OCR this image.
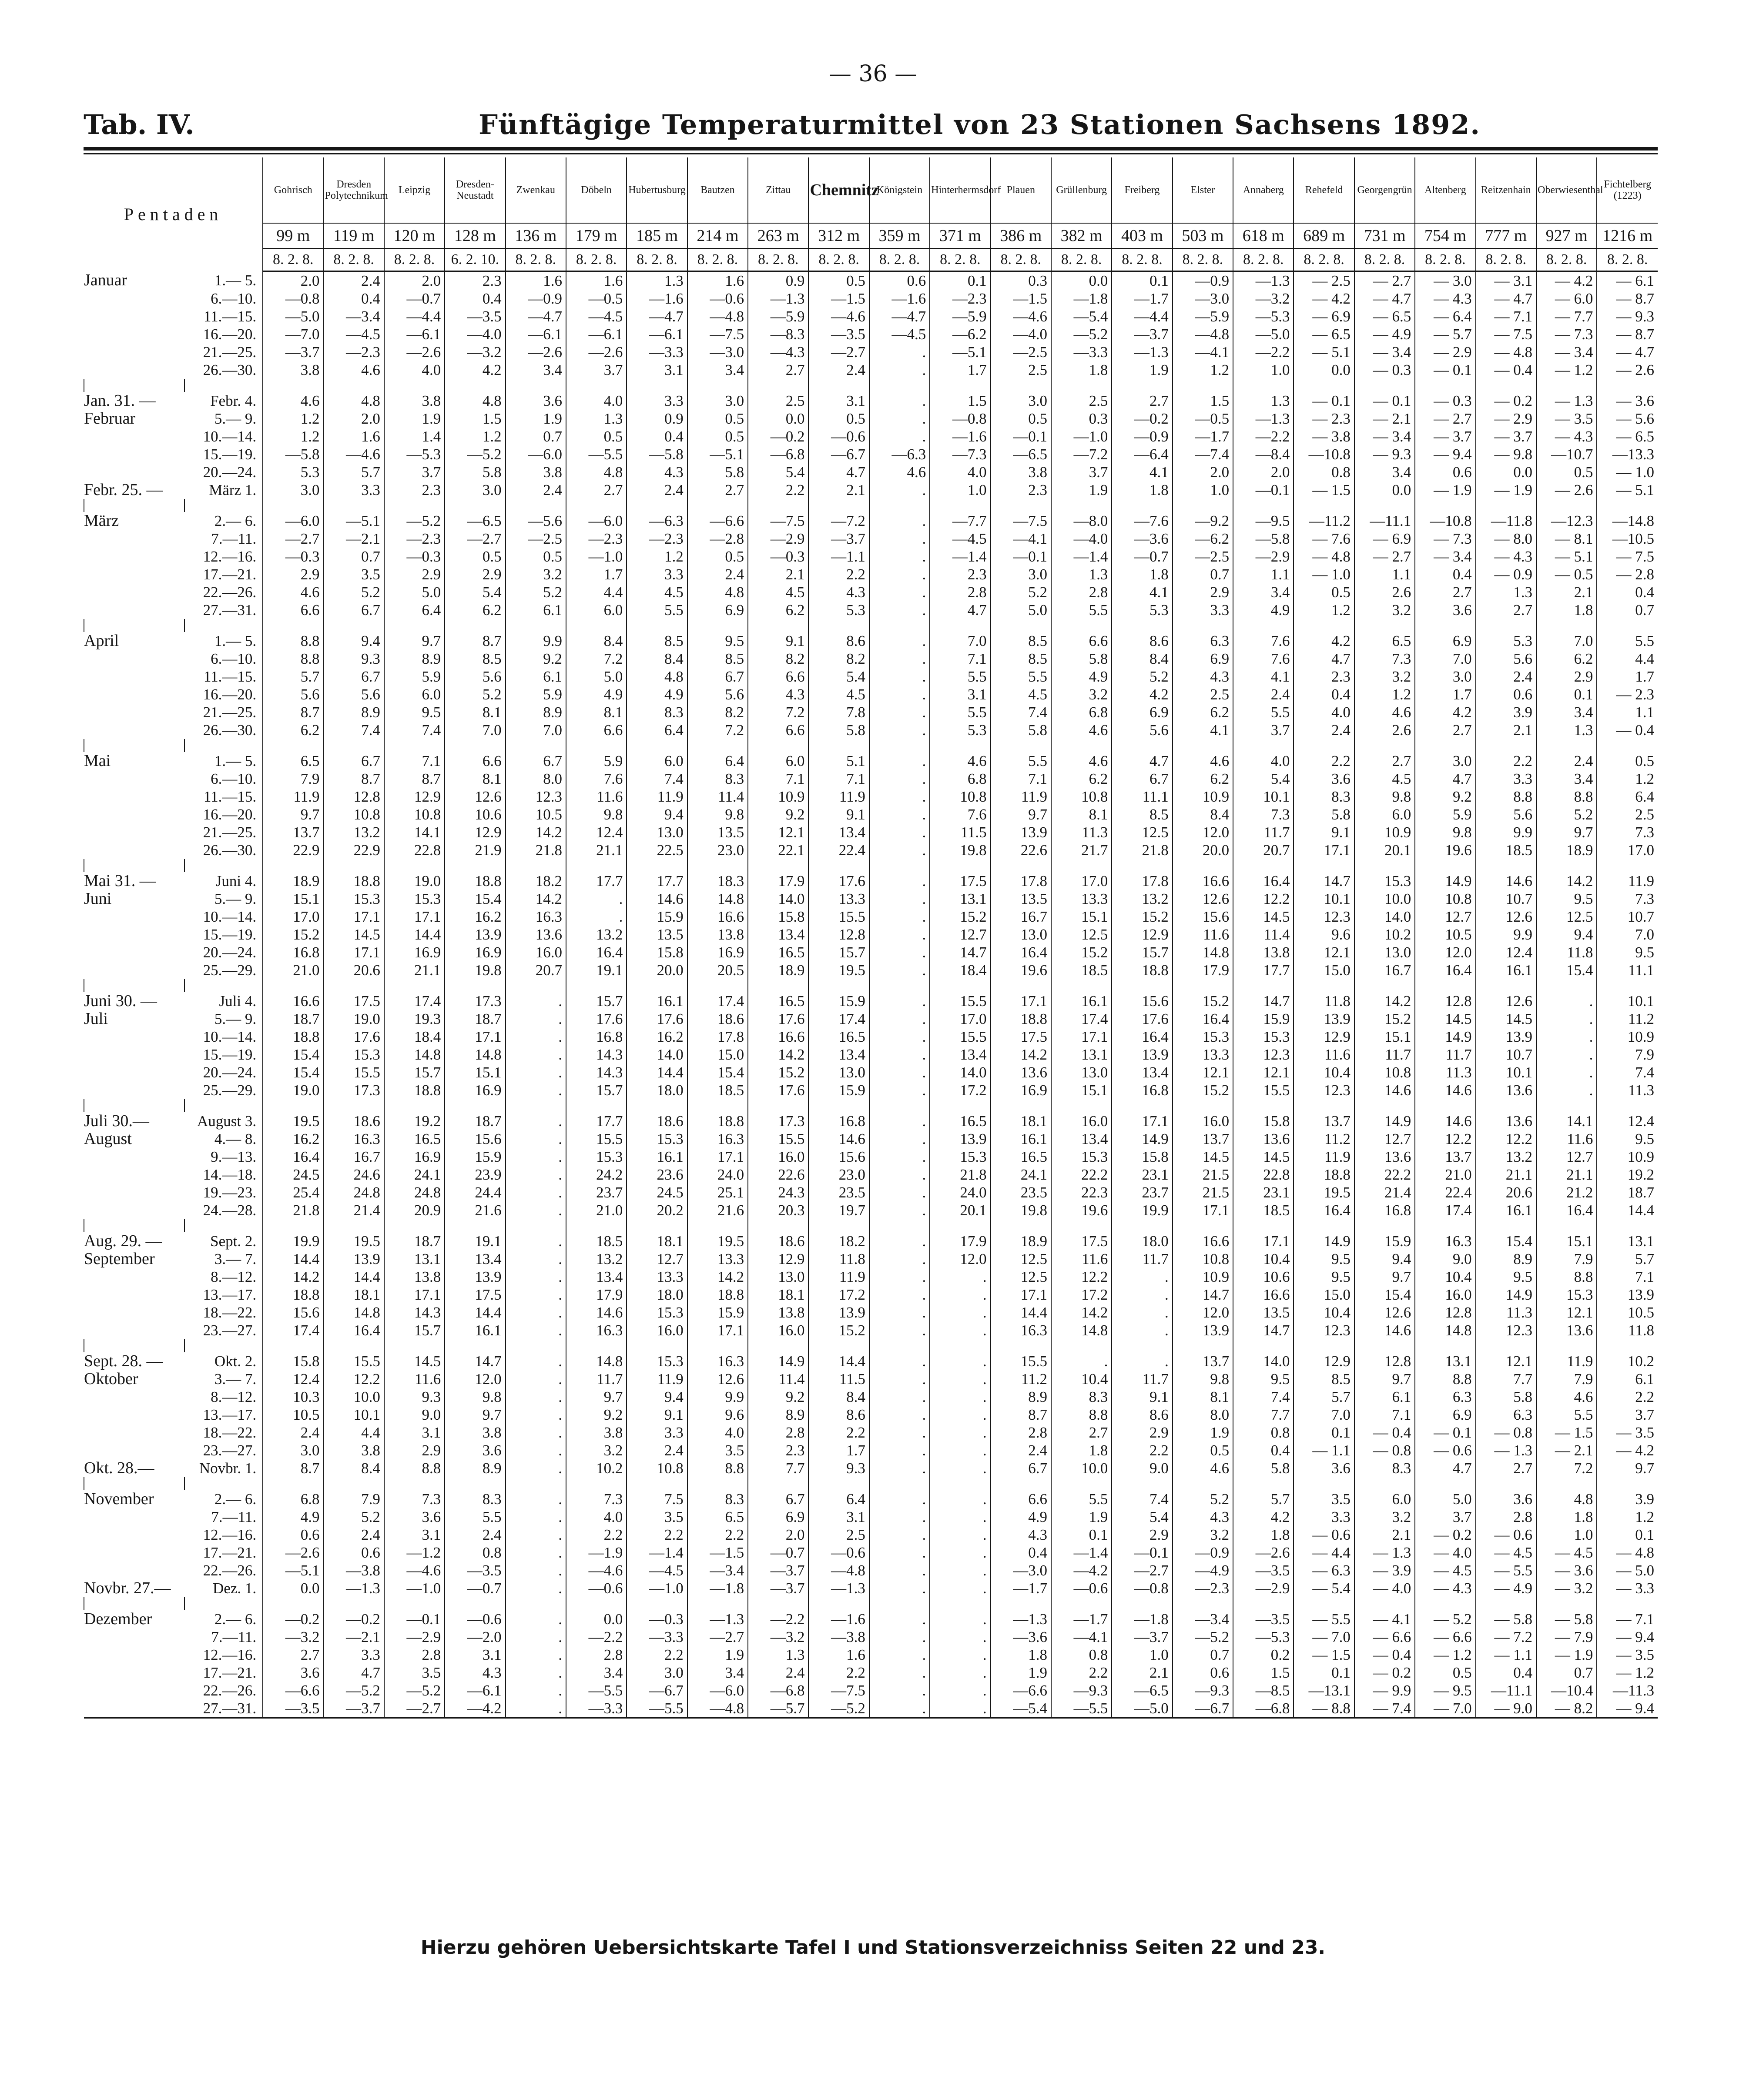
— 36 —
Tab. IV.	Fünftägige Temperaturmittel von 23 Stationen Sachsens 1892.
Pentaden		Gohrisch	Dresden Polytechnikum	Leipzig	Dresden-Neustadt	Zwenkau	Döbeln	Hubertusburg	Bautzen	Zittau	Chemnitz	Königstein	Hinterhermsdorf	Plauen	Grüllenburg	Freiberg	Elster	Annaberg	Rehefeld	Georgengrün	Altenberg	Reitzenhain	Oberwiesenthal	Fichtelberg (1223)
		99 m	119 m	120 m	128 m	136 m	179 m	185 m	214 m	263 m	312 m	359 m	371 m	386 m	382 m	403 m	503 m	618 m	689 m	731 m	754 m	777 m	927 m	1216 m
		8. 2. 8.	8. 2. 8.	8. 2. 8.	6. 2. 10.	8. 2. 8.	8. 2. 8.	8. 2. 8.	8. 2. 8.	8. 2. 8.	8. 2. 8.	8. 2. 8.	8. 2. 8.	8. 2. 8.	8. 2. 8.	8. 2. 8.	8. 2. 8.	8. 2. 8.	8. 2. 8.	8. 2. 8.	8. 2. 8.	8. 2. 8.	8. 2. 8.	8. 2. 8.
Januar	1.— 5.	2.0	2.4	2.0	2.3	1.6	1.6	1.3	1.6	0.9	0.5	0.6	0.1	0.3	0.0	0.1	—0.9	—1.3	— 2.5	— 2.7	— 3.0	— 3.1	— 4.2	— 6.1
	6.—10.	—0.8	0.4	—0.7	0.4	—0.9	—0.5	—1.6	—0.6	—1.3	—1.5	—1.6	—2.3	—1.5	—1.8	—1.7	—3.0	—3.2	— 4.2	— 4.7	— 4.3	— 4.7	— 6.0	— 8.7
	11.—15.	—5.0	—3.4	—4.4	—3.5	—4.7	—4.5	—4.7	—4.8	—5.9	—4.6	—4.7	—5.9	—4.6	—5.4	—4.4	—5.9	—5.3	— 6.9	— 6.5	— 6.4	— 7.1	— 7.7	— 9.3
	16.—20.	—7.0	—4.5	—6.1	—4.0	—6.1	—6.1	—6.1	—7.5	—8.3	—3.5	—4.5	—6.2	—4.0	—5.2	—3.7	—4.8	—5.0	— 6.5	— 4.9	— 5.7	— 7.5	— 7.3	— 8.7
	21.—25.	—3.7	—2.3	—2.6	—3.2	—2.6	—2.6	—3.3	—3.0	—4.3	—2.7	.	—5.1	—2.5	—3.3	—1.3	—4.1	—2.2	— 5.1	— 3.4	— 2.9	— 4.8	— 3.4	— 4.7
	26.—30.	3.8	4.6	4.0	4.2	3.4	3.7	3.1	3.4	2.7	2.4	.	1.7	2.5	1.8	1.9	1.2	1.0	0.0	— 0.3	— 0.1	— 0.4	— 1.2	— 2.6

Jan. 31. —	Febr. 4.	4.6	4.8	3.8	4.8	3.6	4.0	3.3	3.0	2.5	3.1	.	1.5	3.0	2.5	2.7	1.5	1.3	— 0.1	— 0.1	— 0.3	— 0.2	— 1.3	— 3.6
Februar	5.— 9.	1.2	2.0	1.9	1.5	1.9	1.3	0.9	0.5	0.0	0.5	.	—0.8	0.5	0.3	—0.2	—0.5	—1.3	— 2.3	— 2.1	— 2.7	— 2.9	— 3.5	— 5.6
	10.—14.	1.2	1.6	1.4	1.2	0.7	0.5	0.4	0.5	—0.2	—0.6	.	—1.6	—0.1	—1.0	—0.9	—1.7	—2.2	— 3.8	— 3.4	— 3.7	— 3.7	— 4.3	— 6.5
	15.—19.	—5.8	—4.6	—5.3	—5.2	—6.0	—5.5	—5.8	—5.1	—6.8	—6.7	—6.3	—7.3	—6.5	—7.2	—6.4	—7.4	—8.4	—10.8	— 9.3	— 9.4	— 9.8	—10.7	—13.3
	20.—24.	5.3	5.7	3.7	5.8	3.8	4.8	4.3	5.8	5.4	4.7	4.6	4.0	3.8	3.7	4.1	2.0	2.0	0.8	3.4	0.6	0.0	0.5	— 1.0
Febr. 25. —	März 1.	3.0	3.3	2.3	3.0	2.4	2.7	2.4	2.7	2.2	2.1	.	1.0	2.3	1.9	1.8	1.0	—0.1	— 1.5	0.0	— 1.9	— 1.9	— 2.6	— 5.1

März	2.— 6.	—6.0	—5.1	—5.2	—6.5	—5.6	—6.0	—6.3	—6.6	—7.5	—7.2	.	—7.7	—7.5	—8.0	—7.6	—9.2	—9.5	—11.2	—11.1	—10.8	—11.8	—12.3	—14.8
	7.—11.	—2.7	—2.1	—2.3	—2.7	—2.5	—2.3	—2.3	—2.8	—2.9	—3.7	.	—4.5	—4.1	—4.0	—3.6	—6.2	—5.8	— 7.6	— 6.9	— 7.3	— 8.0	— 8.1	—10.5
	12.—16.	—0.3	0.7	—0.3	0.5	0.5	—1.0	1.2	0.5	—0.3	—1.1	.	—1.4	—0.1	—1.4	—0.7	—2.5	—2.9	— 4.8	— 2.7	— 3.4	— 4.3	— 5.1	— 7.5
	17.—21.	2.9	3.5	2.9	2.9	3.2	1.7	3.3	2.4	2.1	2.2	.	2.3	3.0	1.3	1.8	0.7	1.1	— 1.0	1.1	0.4	— 0.9	— 0.5	— 2.8
	22.—26.	4.6	5.2	5.0	5.4	5.2	4.4	4.5	4.8	4.5	4.3	.	2.8	5.2	2.8	4.1	2.9	3.4	0.5	2.6	2.7	1.3	2.1	0.4
	27.—31.	6.6	6.7	6.4	6.2	6.1	6.0	5.5	6.9	6.2	5.3	.	4.7	5.0	5.5	5.3	3.3	4.9	1.2	3.2	3.6	2.7	1.8	0.7

April	1.— 5.	8.8	9.4	9.7	8.7	9.9	8.4	8.5	9.5	9.1	8.6	.	7.0	8.5	6.6	8.6	6.3	7.6	4.2	6.5	6.9	5.3	7.0	5.5
	6.—10.	8.8	9.3	8.9	8.5	9.2	7.2	8.4	8.5	8.2	8.2	.	7.1	8.5	5.8	8.4	6.9	7.6	4.7	7.3	7.0	5.6	6.2	4.4
	11.—15.	5.7	6.7	5.9	5.6	6.1	5.0	4.8	6.7	6.6	5.4	.	5.5	5.5	4.9	5.2	4.3	4.1	2.3	3.2	3.0	2.4	2.9	1.7
	16.—20.	5.6	5.6	6.0	5.2	5.9	4.9	4.9	5.6	4.3	4.5	.	3.1	4.5	3.2	4.2	2.5	2.4	0.4	1.2	1.7	0.6	0.1	— 2.3
	21.—25.	8.7	8.9	9.5	8.1	8.9	8.1	8.3	8.2	7.2	7.8	.	5.5	7.4	6.8	6.9	6.2	5.5	4.0	4.6	4.2	3.9	3.4	1.1
	26.—30.	6.2	7.4	7.4	7.0	7.0	6.6	6.4	7.2	6.6	5.8	.	5.3	5.8	4.6	5.6	4.1	3.7	2.4	2.6	2.7	2.1	1.3	— 0.4

Mai	1.— 5.	6.5	6.7	7.1	6.6	6.7	5.9	6.0	6.4	6.0	5.1	.	4.6	5.5	4.6	4.7	4.6	4.0	2.2	2.7	3.0	2.2	2.4	0.5
	6.—10.	7.9	8.7	8.7	8.1	8.0	7.6	7.4	8.3	7.1	7.1	.	6.8	7.1	6.2	6.7	6.2	5.4	3.6	4.5	4.7	3.3	3.4	1.2
	11.—15.	11.9	12.8	12.9	12.6	12.3	11.6	11.9	11.4	10.9	11.9	.	10.8	11.9	10.8	11.1	10.9	10.1	8.3	9.8	9.2	8.8	8.8	6.4
	16.—20.	9.7	10.8	10.8	10.6	10.5	9.8	9.4	9.8	9.2	9.1	.	7.6	9.7	8.1	8.5	8.4	7.3	5.8	6.0	5.9	5.6	5.2	2.5
	21.—25.	13.7	13.2	14.1	12.9	14.2	12.4	13.0	13.5	12.1	13.4	.	11.5	13.9	11.3	12.5	12.0	11.7	9.1	10.9	9.8	9.9	9.7	7.3
	26.—30.	22.9	22.9	22.8	21.9	21.8	21.1	22.5	23.0	22.1	22.4	.	19.8	22.6	21.7	21.8	20.0	20.7	17.1	20.1	19.6	18.5	18.9	17.0

Mai 31. —	Juni 4.	18.9	18.8	19.0	18.8	18.2	17.7	17.7	18.3	17.9	17.6	.	17.5	17.8	17.0	17.8	16.6	16.4	14.7	15.3	14.9	14.6	14.2	11.9
Juni	5.— 9.	15.1	15.3	15.3	15.4	14.2	.	14.6	14.8	14.0	13.3	.	13.1	13.5	13.3	13.2	12.6	12.2	10.1	10.0	10.8	10.7	9.5	7.3
	10.—14.	17.0	17.1	17.1	16.2	16.3	.	15.9	16.6	15.8	15.5	.	15.2	16.7	15.1	15.2	15.6	14.5	12.3	14.0	12.7	12.6	12.5	10.7
	15.—19.	15.2	14.5	14.4	13.9	13.6	13.2	13.5	13.8	13.4	12.8	.	12.7	13.0	12.5	12.9	11.6	11.4	9.6	10.2	10.5	9.9	9.4	7.0
	20.—24.	16.8	17.1	16.9	16.9	16.0	16.4	15.8	16.9	16.5	15.7	.	14.7	16.4	15.2	15.7	14.8	13.8	12.1	13.0	12.0	12.4	11.8	9.5
	25.—29.	21.0	20.6	21.1	19.8	20.7	19.1	20.0	20.5	18.9	19.5	.	18.4	19.6	18.5	18.8	17.9	17.7	15.0	16.7	16.4	16.1	15.4	11.1

Juni 30. —	Juli 4.	16.6	17.5	17.4	17.3	.	15.7	16.1	17.4	16.5	15.9	.	15.5	17.1	16.1	15.6	15.2	14.7	11.8	14.2	12.8	12.6	.	10.1
Juli	5.— 9.	18.7	19.0	19.3	18.7	.	17.6	17.6	18.6	17.6	17.4	.	17.0	18.8	17.4	17.6	16.4	15.9	13.9	15.2	14.5	14.5	.	11.2
	10.—14.	18.8	17.6	18.4	17.1	.	16.8	16.2	17.8	16.6	16.5	.	15.5	17.5	17.1	16.4	15.3	15.3	12.9	15.1	14.9	13.9	.	10.9
	15.—19.	15.4	15.3	14.8	14.8	.	14.3	14.0	15.0	14.2	13.4	.	13.4	14.2	13.1	13.9	13.3	12.3	11.6	11.7	11.7	10.7	.	7.9
	20.—24.	15.4	15.5	15.7	15.1	.	14.3	14.4	15.4	15.2	13.0	.	14.0	13.6	13.0	13.4	12.1	12.1	10.4	10.8	11.3	10.1	.	7.4
	25.—29.	19.0	17.3	18.8	16.9	.	15.7	18.0	18.5	17.6	15.9	.	17.2	16.9	15.1	16.8	15.2	15.5	12.3	14.6	14.6	13.6	.	11.3

Juli 30.—	August 3.	19.5	18.6	19.2	18.7	.	17.7	18.6	18.8	17.3	16.8	.	16.5	18.1	16.0	17.1	16.0	15.8	13.7	14.9	14.6	13.6	14.1	12.4
August	4.— 8.	16.2	16.3	16.5	15.6	.	15.5	15.3	16.3	15.5	14.6	.	13.9	16.1	13.4	14.9	13.7	13.6	11.2	12.7	12.2	12.2	11.6	9.5
	9.—13.	16.4	16.7	16.9	15.9	.	15.3	16.1	17.1	16.0	15.6	.	15.3	16.5	15.3	15.8	14.5	14.5	11.9	13.6	13.7	13.2	12.7	10.9
	14.—18.	24.5	24.6	24.1	23.9	.	24.2	23.6	24.0	22.6	23.0	.	21.8	24.1	22.2	23.1	21.5	22.8	18.8	22.2	21.0	21.1	21.1	19.2
	19.—23.	25.4	24.8	24.8	24.4	.	23.7	24.5	25.1	24.3	23.5	.	24.0	23.5	22.3	23.7	21.5	23.1	19.5	21.4	22.4	20.6	21.2	18.7
	24.—28.	21.8	21.4	20.9	21.6	.	21.0	20.2	21.6	20.3	19.7	.	20.1	19.8	19.6	19.9	17.1	18.5	16.4	16.8	17.4	16.1	16.4	14.4

Aug. 29. —	Sept. 2.	19.9	19.5	18.7	19.1	.	18.5	18.1	19.5	18.6	18.2	.	17.9	18.9	17.5	18.0	16.6	17.1	14.9	15.9	16.3	15.4	15.1	13.1
September	3.— 7.	14.4	13.9	13.1	13.4	.	13.2	12.7	13.3	12.9	11.8	.	12.0	12.5	11.6	11.7	10.8	10.4	9.5	9.4	9.0	8.9	7.9	5.7
	8.—12.	14.2	14.4	13.8	13.9	.	13.4	13.3	14.2	13.0	11.9	.	.	12.5	12.2	.	10.9	10.6	9.5	9.7	10.4	9.5	8.8	7.1
	13.—17.	18.8	18.1	17.1	17.5	.	17.9	18.0	18.8	18.1	17.2	.	.	17.1	17.2	.	14.7	16.6	15.0	15.4	16.0	14.9	15.3	13.9
	18.—22.	15.6	14.8	14.3	14.4	.	14.6	15.3	15.9	13.8	13.9	.	.	14.4	14.2	.	12.0	13.5	10.4	12.6	12.8	11.3	12.1	10.5
	23.—27.	17.4	16.4	15.7	16.1	.	16.3	16.0	17.1	16.0	15.2	.	.	16.3	14.8	.	13.9	14.7	12.3	14.6	14.8	12.3	13.6	11.8

Sept. 28. —	Okt. 2.	15.8	15.5	14.5	14.7	.	14.8	15.3	16.3	14.9	14.4	.	.	15.5	.	.	13.7	14.0	12.9	12.8	13.1	12.1	11.9	10.2
Oktober	3.— 7.	12.4	12.2	11.6	12.0	.	11.7	11.9	12.6	11.4	11.5	.	.	11.2	10.4	11.7	9.8	9.5	8.5	9.7	8.8	7.7	7.9	6.1
	8.—12.	10.3	10.0	9.3	9.8	.	9.7	9.4	9.9	9.2	8.4	.	.	8.9	8.3	9.1	8.1	7.4	5.7	6.1	6.3	5.8	4.6	2.2
	13.—17.	10.5	10.1	9.0	9.7	.	9.2	9.1	9.6	8.9	8.6	.	.	8.7	8.8	8.6	8.0	7.7	7.0	7.1	6.9	6.3	5.5	3.7
	18.—22.	2.4	4.4	3.1	3.8	.	3.8	3.3	4.0	2.8	2.2	.	.	2.8	2.7	2.9	1.9	0.8	0.1	— 0.4	— 0.1	— 0.8	— 1.5	— 3.5
	23.—27.	3.0	3.8	2.9	3.6	.	3.2	2.4	3.5	2.3	1.7	.	.	2.4	1.8	2.2	0.5	0.4	— 1.1	— 0.8	— 0.6	— 1.3	— 2.1	— 4.2
Okt. 28.—	Novbr. 1.	8.7	8.4	8.8	8.9	.	10.2	10.8	8.8	7.7	9.3	.	.	6.7	10.0	9.0	4.6	5.8	3.6	8.3	4.7	2.7	7.2	9.7

November	2.— 6.	6.8	7.9	7.3	8.3	.	7.3	7.5	8.3	6.7	6.4	.	.	6.6	5.5	7.4	5.2	5.7	3.5	6.0	5.0	3.6	4.8	3.9
	7.—11.	4.9	5.2	3.6	5.5	.	4.0	3.5	6.5	6.9	3.1	.	.	4.9	1.9	5.4	4.3	4.2	3.3	3.2	3.7	2.8	1.8	1.2
	12.—16.	0.6	2.4	3.1	2.4	.	2.2	2.2	2.2	2.0	2.5	.	.	4.3	0.1	2.9	3.2	1.8	— 0.6	2.1	— 0.2	— 0.6	1.0	0.1
	17.—21.	—2.6	0.6	—1.2	0.8	.	—1.9	—1.4	—1.5	—0.7	—0.6	.	.	0.4	—1.4	—0.1	—0.9	—2.6	— 4.4	— 1.3	— 4.0	— 4.5	— 4.5	— 4.8
	22.—26.	—5.1	—3.8	—4.6	—3.5	.	—4.6	—4.5	—3.4	—3.7	—4.8	.	.	—3.0	—4.2	—2.7	—4.9	—3.5	— 6.3	— 3.9	— 4.5	— 5.5	— 3.6	— 5.0
Novbr. 27.—	Dez. 1.	0.0	—1.3	—1.0	—0.7	.	—0.6	—1.0	—1.8	—3.7	—1.3	.	.	—1.7	—0.6	—0.8	—2.3	—2.9	— 5.4	— 4.0	— 4.3	— 4.9	— 3.2	— 3.3

Dezember	2.— 6.	—0.2	—0.2	—0.1	—0.6	.	0.0	—0.3	—1.3	—2.2	—1.6	.	.	—1.3	—1.7	—1.8	—3.4	—3.5	— 5.5	— 4.1	— 5.2	— 5.8	— 5.8	— 7.1
	7.—11.	—3.2	—2.1	—2.9	—2.0	.	—2.2	—3.3	—2.7	—3.2	—3.8	.	.	—3.6	—4.1	—3.7	—5.2	—5.3	— 7.0	— 6.6	— 6.6	— 7.2	— 7.9	— 9.4
	12.—16.	2.7	3.3	2.8	3.1	.	2.8	2.2	1.9	1.3	1.6	.	.	1.8	0.8	1.0	0.7	0.2	— 1.5	— 0.4	— 1.2	— 1.1	— 1.9	— 3.5
	17.—21.	3.6	4.7	3.5	4.3	.	3.4	3.0	3.4	2.4	2.2	.	.	1.9	2.2	2.1	0.6	1.5	0.1	— 0.2	0.5	0.4	0.7	— 1.2
	22.—26.	—6.6	—5.2	—5.2	—6.1	.	—5.5	—6.7	—6.0	—6.8	—7.5	.	.	—6.6	—9.3	—6.5	—9.3	—8.5	—13.1	— 9.9	— 9.5	—11.1	—10.4	—11.3
	27.—31.	—3.5	—3.7	—2.7	—4.2	.	—3.3	—5.5	—4.8	—5.7	—5.2	.	.	—5.4	—5.5	—5.0	—6.7	—6.8	— 8.8	— 7.4	— 7.0	— 9.0	— 8.2	— 9.4
Hierzu gehören Uebersichtskarte Tafel I und Stationsverzeichniss Seiten 22 und 23.
